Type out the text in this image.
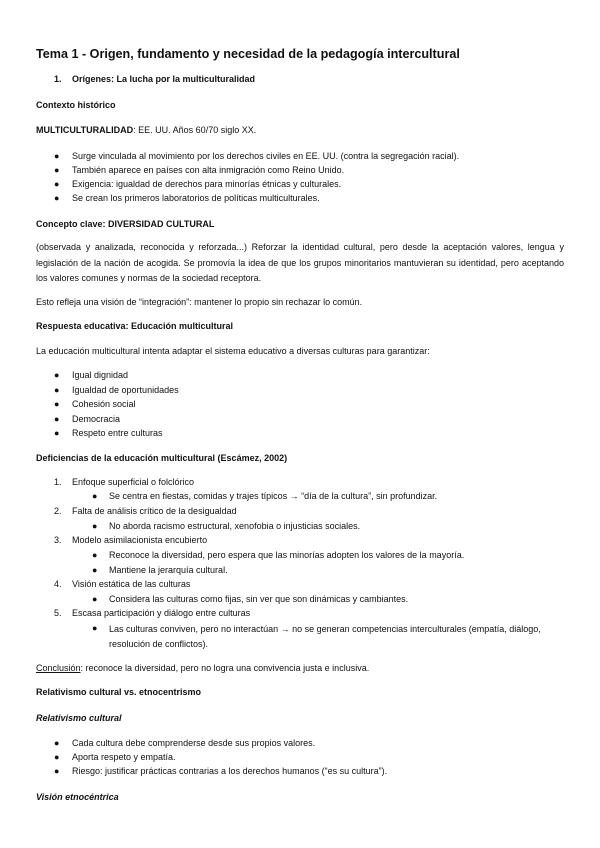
Tema 1 - Origen, fundamento y necesidad de la pedagogía intercultural
1. Orígenes: La lucha por la multiculturalidad
Contexto histórico
MULTICULTURALIDAD: EE. UU. Años 60/70 siglo XX.
● Surge vinculada al movimiento por los derechos civiles en EE. UU. (contra la segregación racial).
● También aparece en países con alta inmigración como Reino Unido.
● Exigencia: igualdad de derechos para minorías étnicas y culturales.
● Se crean los primeros laboratorios de políticas multiculturales.
Concepto clave: DIVERSIDAD CULTURAL
(observada y analizada, reconocida y reforzada...) Reforzar la identidad cultural, pero desde la aceptación valores, lengua y legislación de la nación de acogida. Se promovía la idea de que los grupos minoritarios mantuvieran su identidad, pero aceptando los valores comunes y normas de la sociedad receptora.
Esto refleja una visión de “integración”: mantener lo propio sin rechazar lo común.
Respuesta educativa: Educación multicultural
La educación multicultural intenta adaptar el sistema educativo a diversas culturas para garantizar:
● Igual dignidad
● Igualdad de oportunidades
● Cohesión social
● Democracia
● Respeto entre culturas
Deficiencias de la educación multicultural (Escámez, 2002)
1. Enfoque superficial o folclórico
● Se centra en fiestas, comidas y trajes típicos → “día de la cultura”, sin profundizar.
2. Falta de análisis crítico de la desigualdad
● No aborda racismo estructural, xenofobia o injusticias sociales.
3. Modelo asimilacionista encubierto
● Reconoce la diversidad, pero espera que las minorías adopten los valores de la mayoría.
● Mantiene la jerarquía cultural.
4. Visión estática de las culturas
● Considera las culturas como fijas, sin ver que son dinámicas y cambiantes.
5. Escasa participación y diálogo entre culturas
● Las culturas conviven, pero no interactúan → no se generan competencias interculturales (empatía, diálogo, resolución de conflictos).
Conclusión: reconoce la diversidad, pero no logra una convivencia justa e inclusiva.
Relativismo cultural vs. etnocentrismo
Relativismo cultural
● Cada cultura debe comprenderse desde sus propios valores.
● Aporta respeto y empatía.
● Riesgo: justificar prácticas contrarias a los derechos humanos (“es su cultura”).
Visión etnocéntrica
